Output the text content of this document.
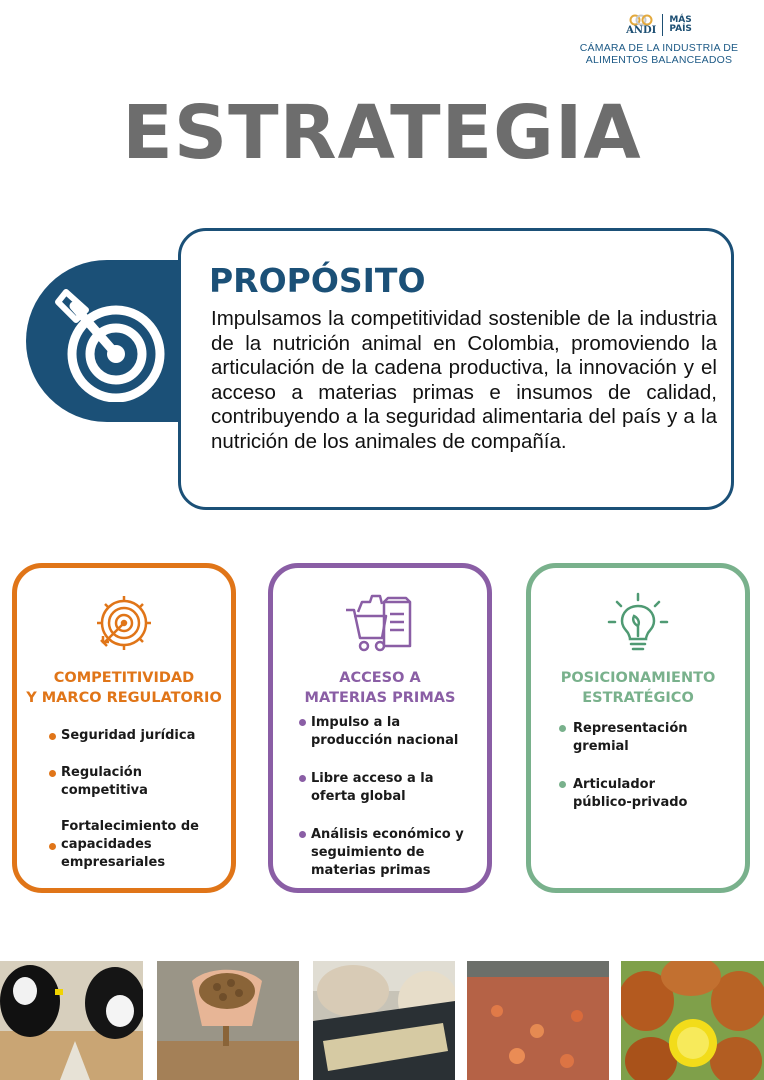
ANDI
MÁS
PAÍS
CÁMARA DE LA INDUSTRIA DE
ALIMENTOS BALANCEADOS
ESTRATEGIA
PROPÓSITO
Impulsamos la competitividad sostenible de la industria de la nutrición animal en Colombia, promoviendo la articulación de la cadena productiva, la innovación y el acceso a materias primas e insumos de calidad, contribuyendo a la seguridad alimentaria del país y a la nutrición de los animales de compañía.
COMPETITIVIDAD
Y MARCO REGULATORIO
Seguridad jurídica
Regulación
competitiva
Fortalecimiento de
capacidades
empresariales
ACCESO A
MATERIAS PRIMAS
Impulso a la
producción nacional
Libre acceso a la
oferta global
Análisis económico y
seguimiento de
materias primas
POSICIONAMIENTO
ESTRATÉGICO
Representación
gremial
Articulador
público-privado
